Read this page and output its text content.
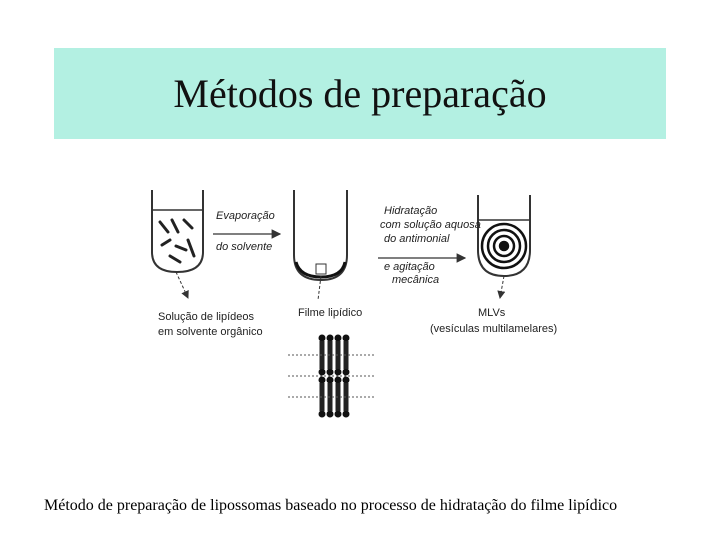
Métodos de preparação
Evaporação do solvente
Hidratação com solução aquosa do antimonial
e agitação mecânica
Solução de lipídeos em solvente orgânico
Filme lipídico	MLVs (vesículas multilamelares)
Método de preparação de lipossomas baseado no processo de hidratação do filme lipídico
